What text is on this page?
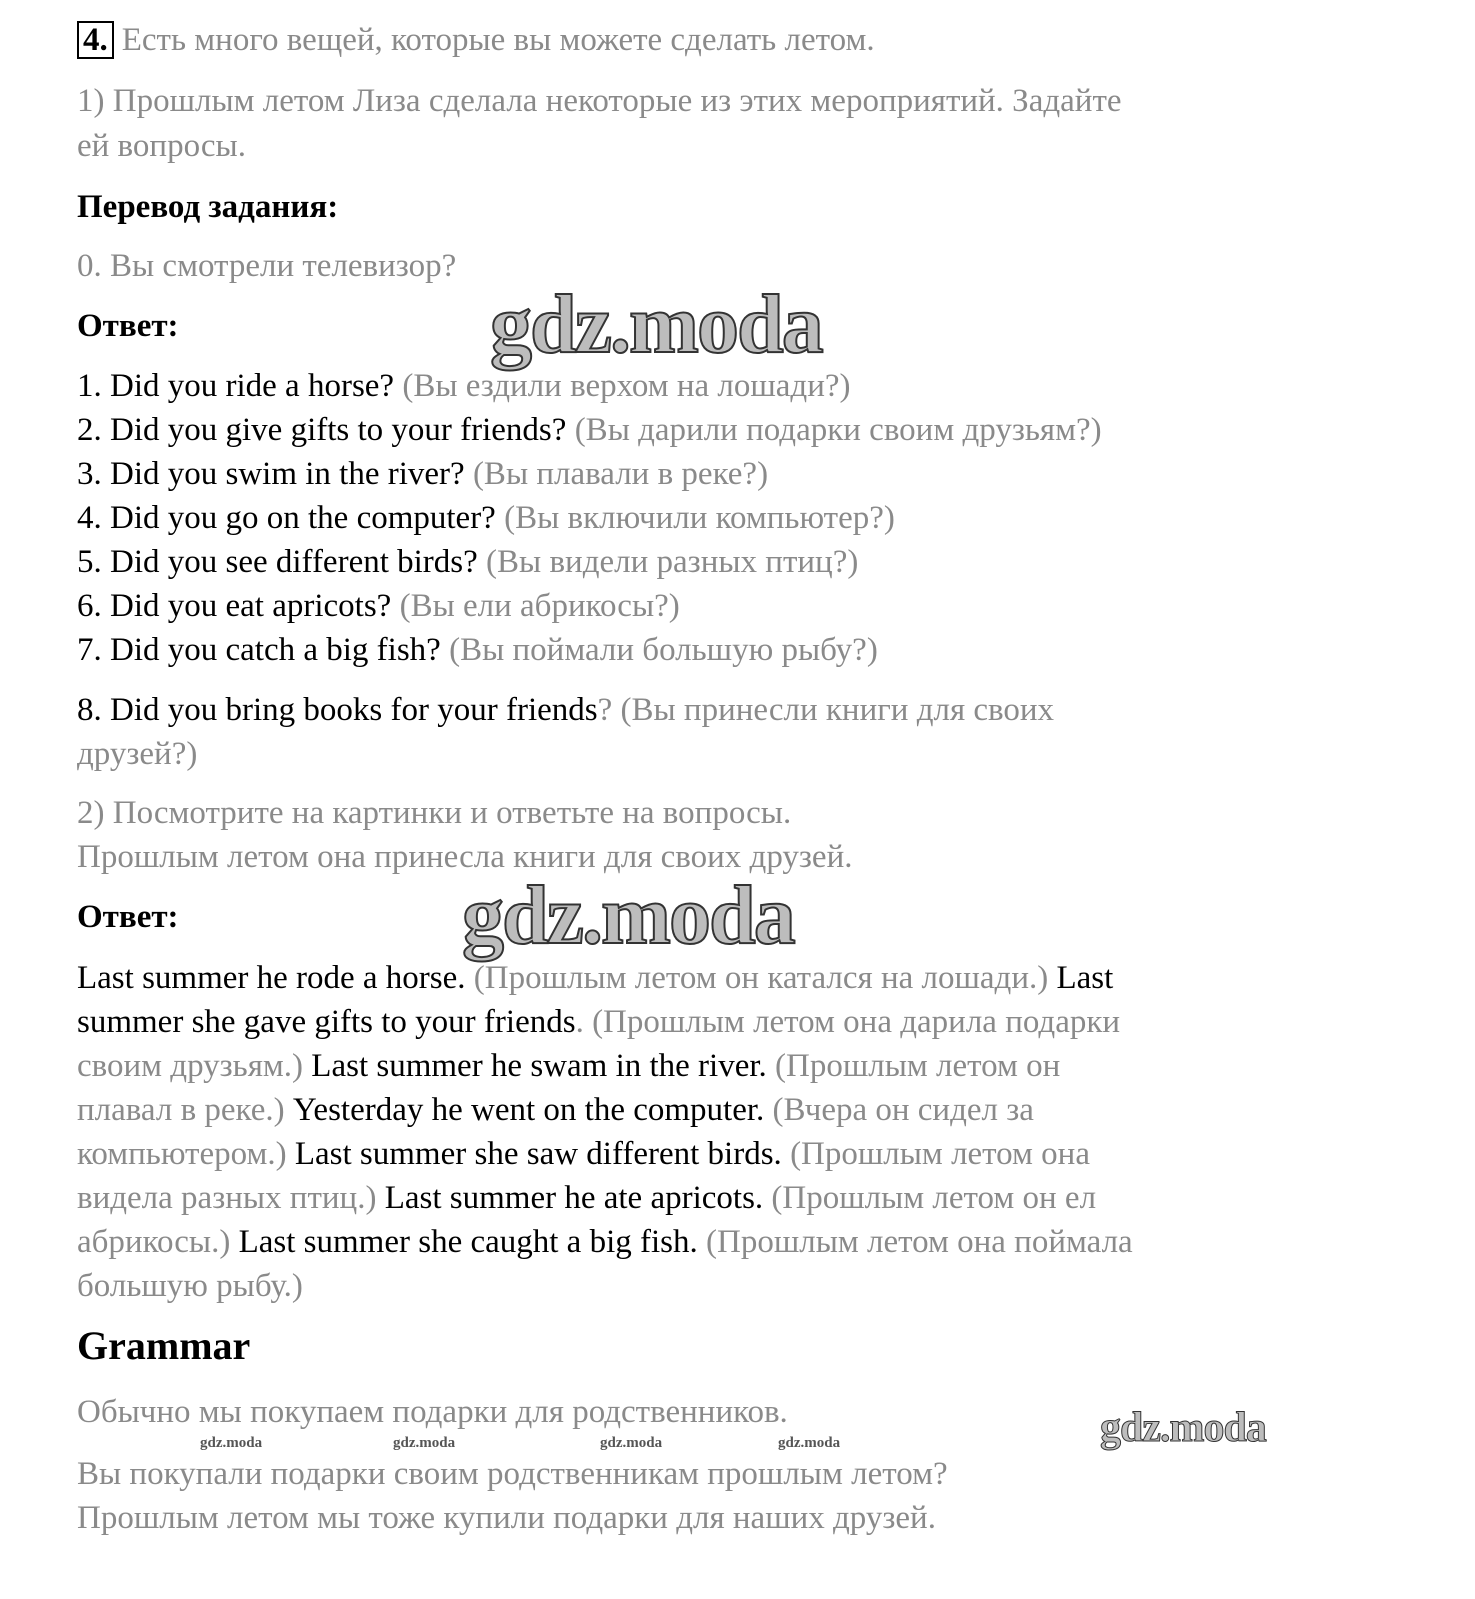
4. Есть много вещей, которые вы можете сделать летом.
1) Прошлым летом Лиза сделала некоторые из этих мероприятий. Задайте
ей вопросы.
Перевод задания:
0. Вы смотрели телевизор?
Ответ:	gdz.moda
1. Did you ride a horse? (Вы ездили верхом на лошади?)
2. Did you give gifts to your friends? (Вы дарили подарки своим друзьям?)
3. Did you swim in the river? (Вы плавали в реке?)
4. Did you go on the computer? (Вы включили компьютер?)
5. Did you see different birds? (Вы видели разных птиц?)
6. Did you eat apricots? (Вы ели абрикосы?)
7. Did you catch a big fish? (Вы поймали большую рыбу?)
8. Did you bring books for your friends? (Вы принесли книги для своих
друзей?)
2) Посмотрите на картинки и ответьте на вопросы.
Прошлым летом она принесла книги для своих друзей.
Ответ:	gdz.moda
Last summer he rode a horse. (Прошлым летом он катался на лошади.) Last
summer she gave gifts to your friends. (Прошлым летом она дарила подарки
своим друзьям.) Last summer he swam in the river. (Прошлым летом он
плавал в реке.) Yesterday he went on the computer. (Вчера он сидел за
компьютером.) Last summer she saw different birds. (Прошлым летом она
видела разных птиц.) Last summer he ate apricots. (Прошлым летом он ел
абрикосы.) Last summer she caught a big fish. (Прошлым летом она поймала
большую рыбу.)
Grammar
Обычно мы покупаем подарки для родственников.
Вы покупали подарки своим родственникам прошлым летом?
Прошлым летом мы тоже купили подарки для наших друзей.
gdz.moda	gdz.moda	gdz.moda	gdz.moda	gdz.moda
